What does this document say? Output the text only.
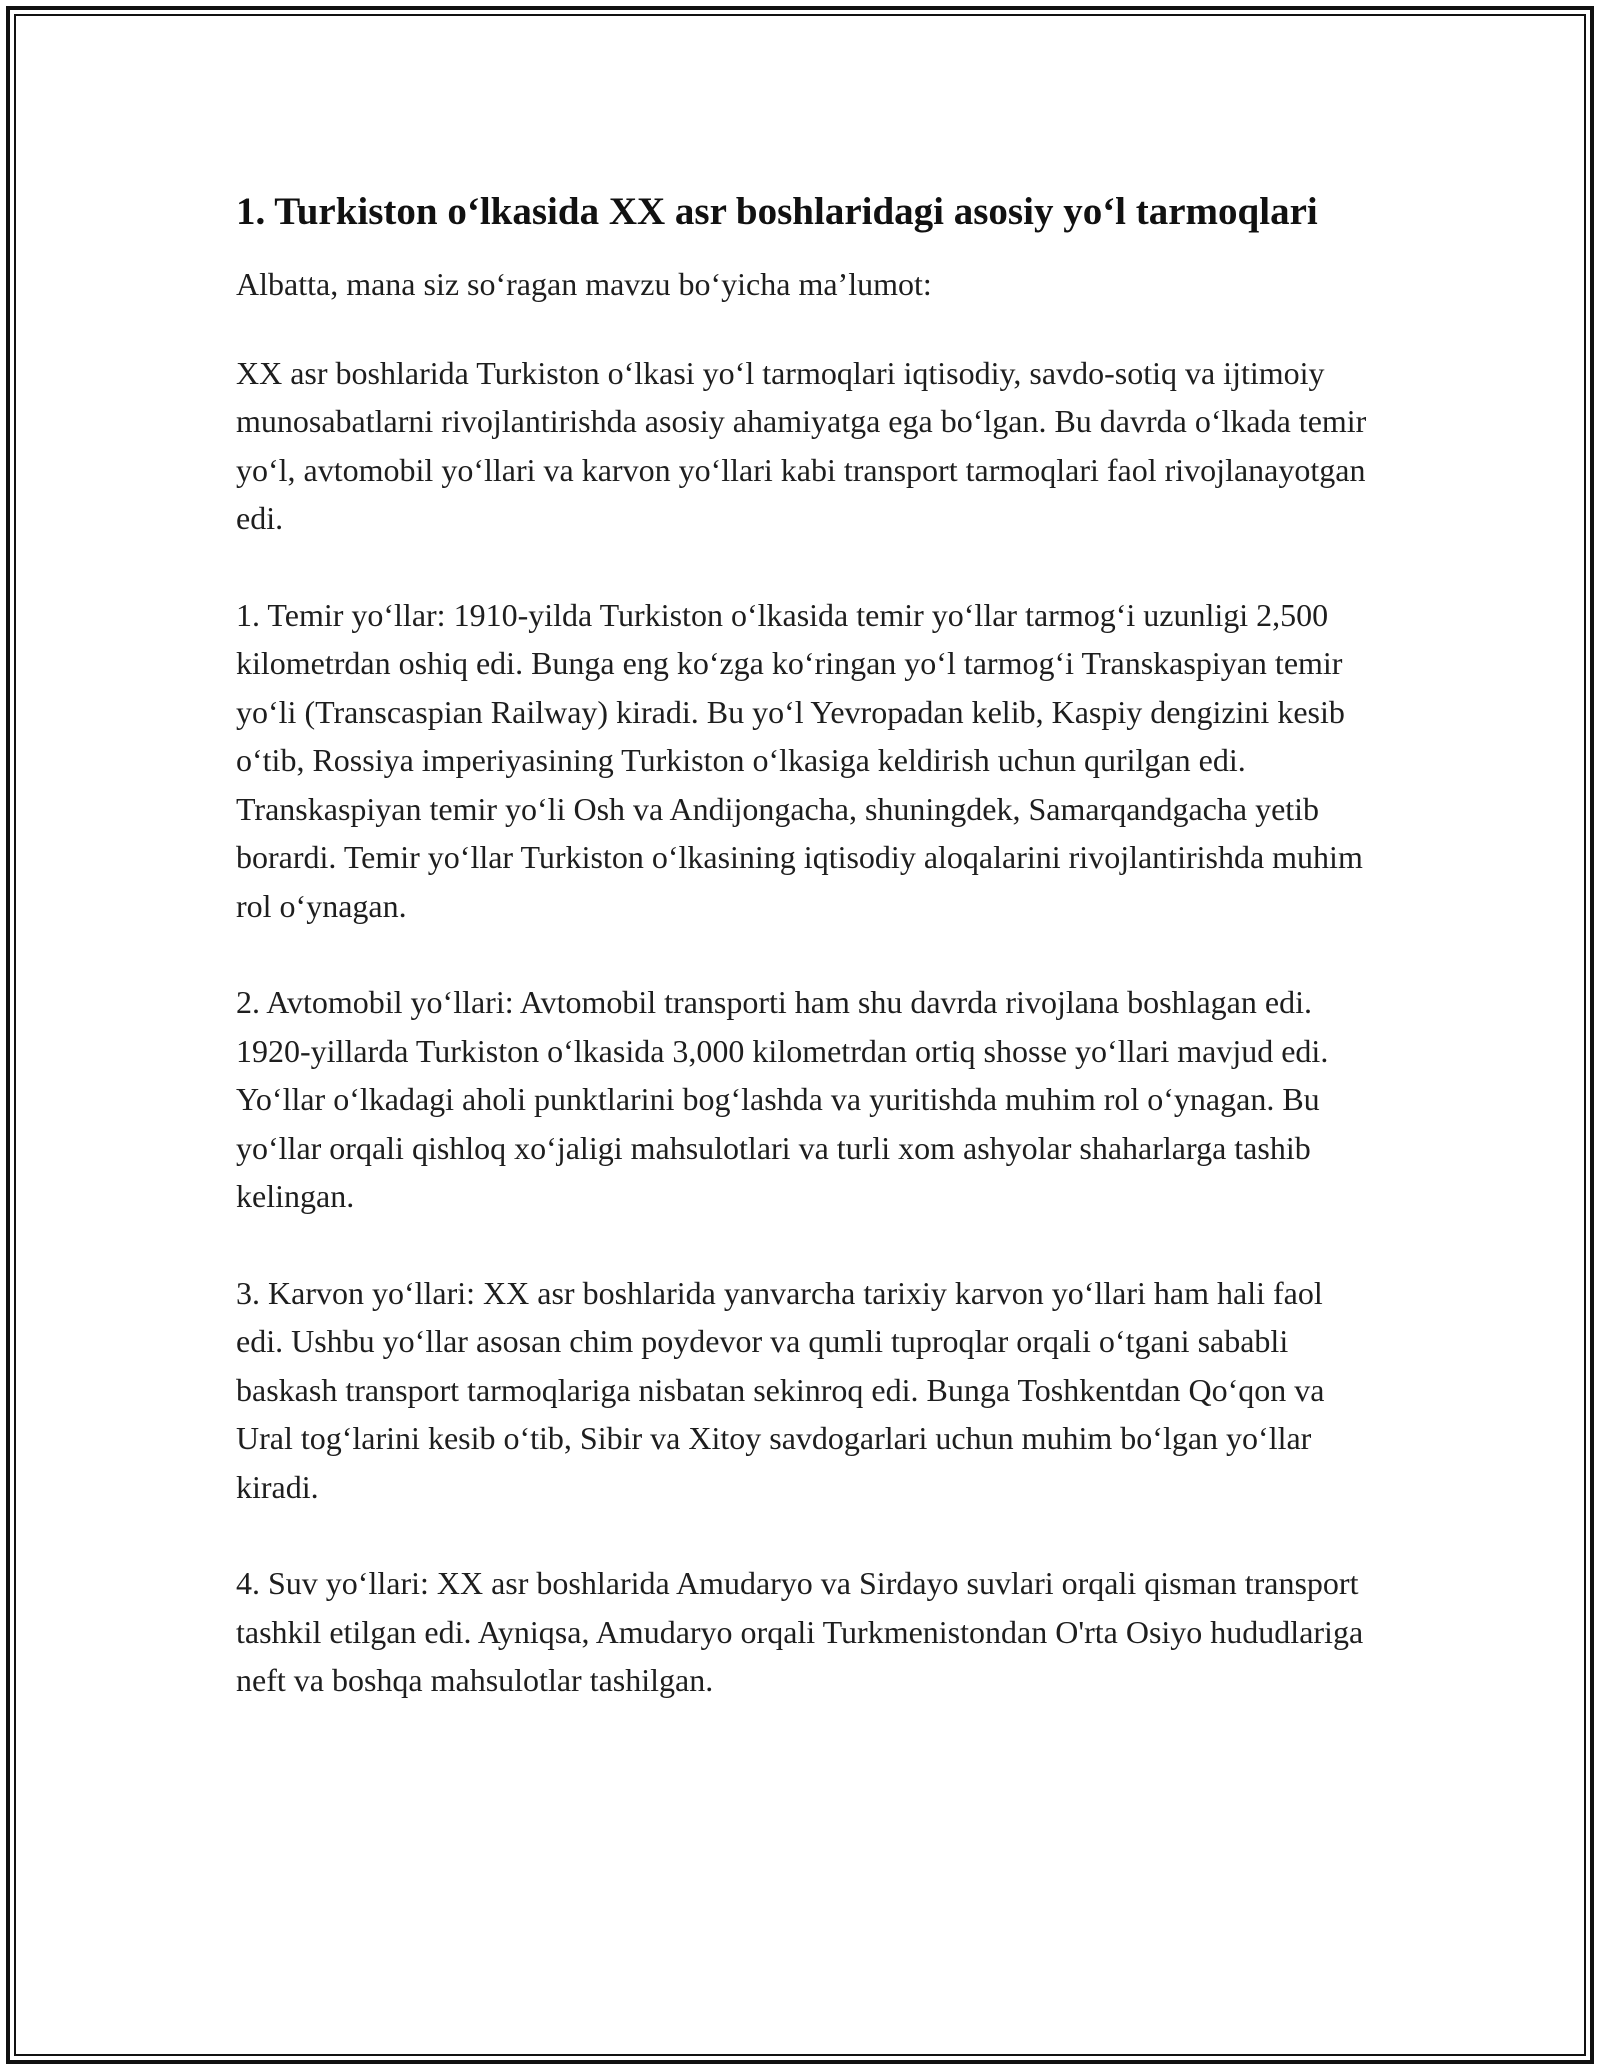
1. Turkiston o‘lkasida XX asr boshlaridagi asosiy yo‘l tarmoqlari

Albatta, mana siz so‘ragan mavzu bo‘yicha ma’lumot:

XX asr boshlarida Turkiston o‘lkasi yo‘l tarmoqlari iqtisodiy, savdo-sotiq va ijtimoiy munosabatlarni rivojlantirishda asosiy ahamiyatga ega bo‘lgan. Bu davrda o‘lkada temir yo‘l, avtomobil yo‘llari va karvon yo‘llari kabi transport tarmoqlari faol rivojlanayotgan edi.

1. Temir yo‘llar: 1910-yilda Turkiston o‘lkasida temir yo‘llar tarmog‘i uzunligi 2,500 kilometrdan oshiq edi. Bunga eng ko‘zga ko‘ringan yo‘l tarmog‘i Transkaspiyan temir yo‘li (Transcaspian Railway) kiradi. Bu yo‘l Yevropadan kelib, Kaspiy dengizini kesib o‘tib, Rossiya imperiyasining Turkiston o‘lkasiga keldirish uchun qurilgan edi. Transkaspiyan temir yo‘li Osh va Andijongacha, shuningdek, Samarqandgacha yetib borardi. Temir yo‘llar Turkiston o‘lkasining iqtisodiy aloqalarini rivojlantirishda muhim rol o‘ynagan.

2. Avtomobil yo‘llari: Avtomobil transporti ham shu davrda rivojlana boshlagan edi. 1920-yillarda Turkiston o‘lkasida 3,000 kilometrdan ortiq shosse yo‘llari mavjud edi. Yo‘llar o‘lkadagi aholi punktlarini bog‘lashda va yuritishda muhim rol o‘ynagan. Bu yo‘llar orqali qishloq xo‘jaligi mahsulotlari va turli xom ashyolar shaharlarga tashib kelingan.

3. Karvon yo‘llari: XX asr boshlarida yanvarcha tarixiy karvon yo‘llari ham hali faol edi. Ushbu yo‘llar asosan chim poydevor va qumli tuproqlar orqali o‘tgani sababli baskash transport tarmoqlariga nisbatan sekinroq edi. Bunga Toshkentdan Qo‘qon va Ural tog‘larini kesib o‘tib, Sibir va Xitoy savdogarlari uchun muhim bo‘lgan yo‘llar kiradi.

4. Suv yo‘llari: XX asr boshlarida Amudaryo va Sirdayo suvlari orqali qisman transport tashkil etilgan edi. Ayniqsa, Amudaryo orqali Turkmenistondan O'rta Osiyo hududlariga neft va boshqa mahsulotlar tashilgan.
